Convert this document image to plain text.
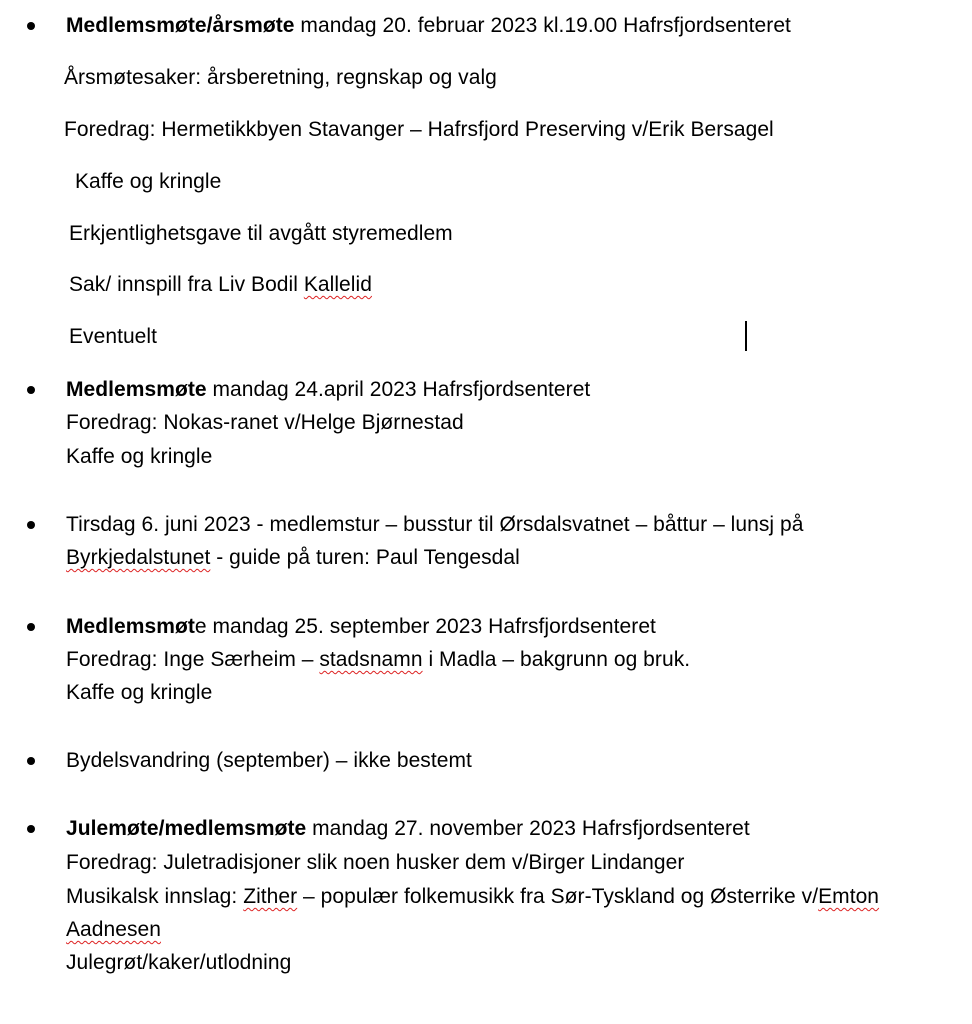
Medlemsmøte/årsmøte mandag 20. februar 2023 kl.19.00 Hafrsfjordsenteret
Årsmøtesaker: årsberetning, regnskap og valg
Foredrag: Hermetikkbyen Stavanger – Hafrsfjord Preserving v/Erik Bersagel
Kaffe og kringle
Erkjentlighetsgave til avgått styremedlem
Sak/ innspill fra Liv Bodil Kallelid
Eventuelt
Medlemsmøte mandag 24.april 2023 Hafrsfjordsenteret
Foredrag: Nokas-ranet v/Helge Bjørnestad
Kaffe og kringle
Tirsdag 6. juni 2023 - medlemstur – busstur til Ørsdalsvatnet – båttur – lunsj på
Byrkjedalstunet - guide på turen: Paul Tengesdal
Medlemsmøte mandag 25. september 2023 Hafrsfjordsenteret
Foredrag: Inge Særheim – stadsnamn i Madla – bakgrunn og bruk.
Kaffe og kringle
Bydelsvandring (september) – ikke bestemt
Julemøte/medlemsmøte mandag 27. november 2023 Hafrsfjordsenteret
Foredrag: Juletradisjoner slik noen husker dem v/Birger Lindanger
Musikalsk innslag: Zither – populær folkemusikk fra Sør-Tyskland og Østerrike v/Emton
Aadnesen
Julegrøt/kaker/utlodning
